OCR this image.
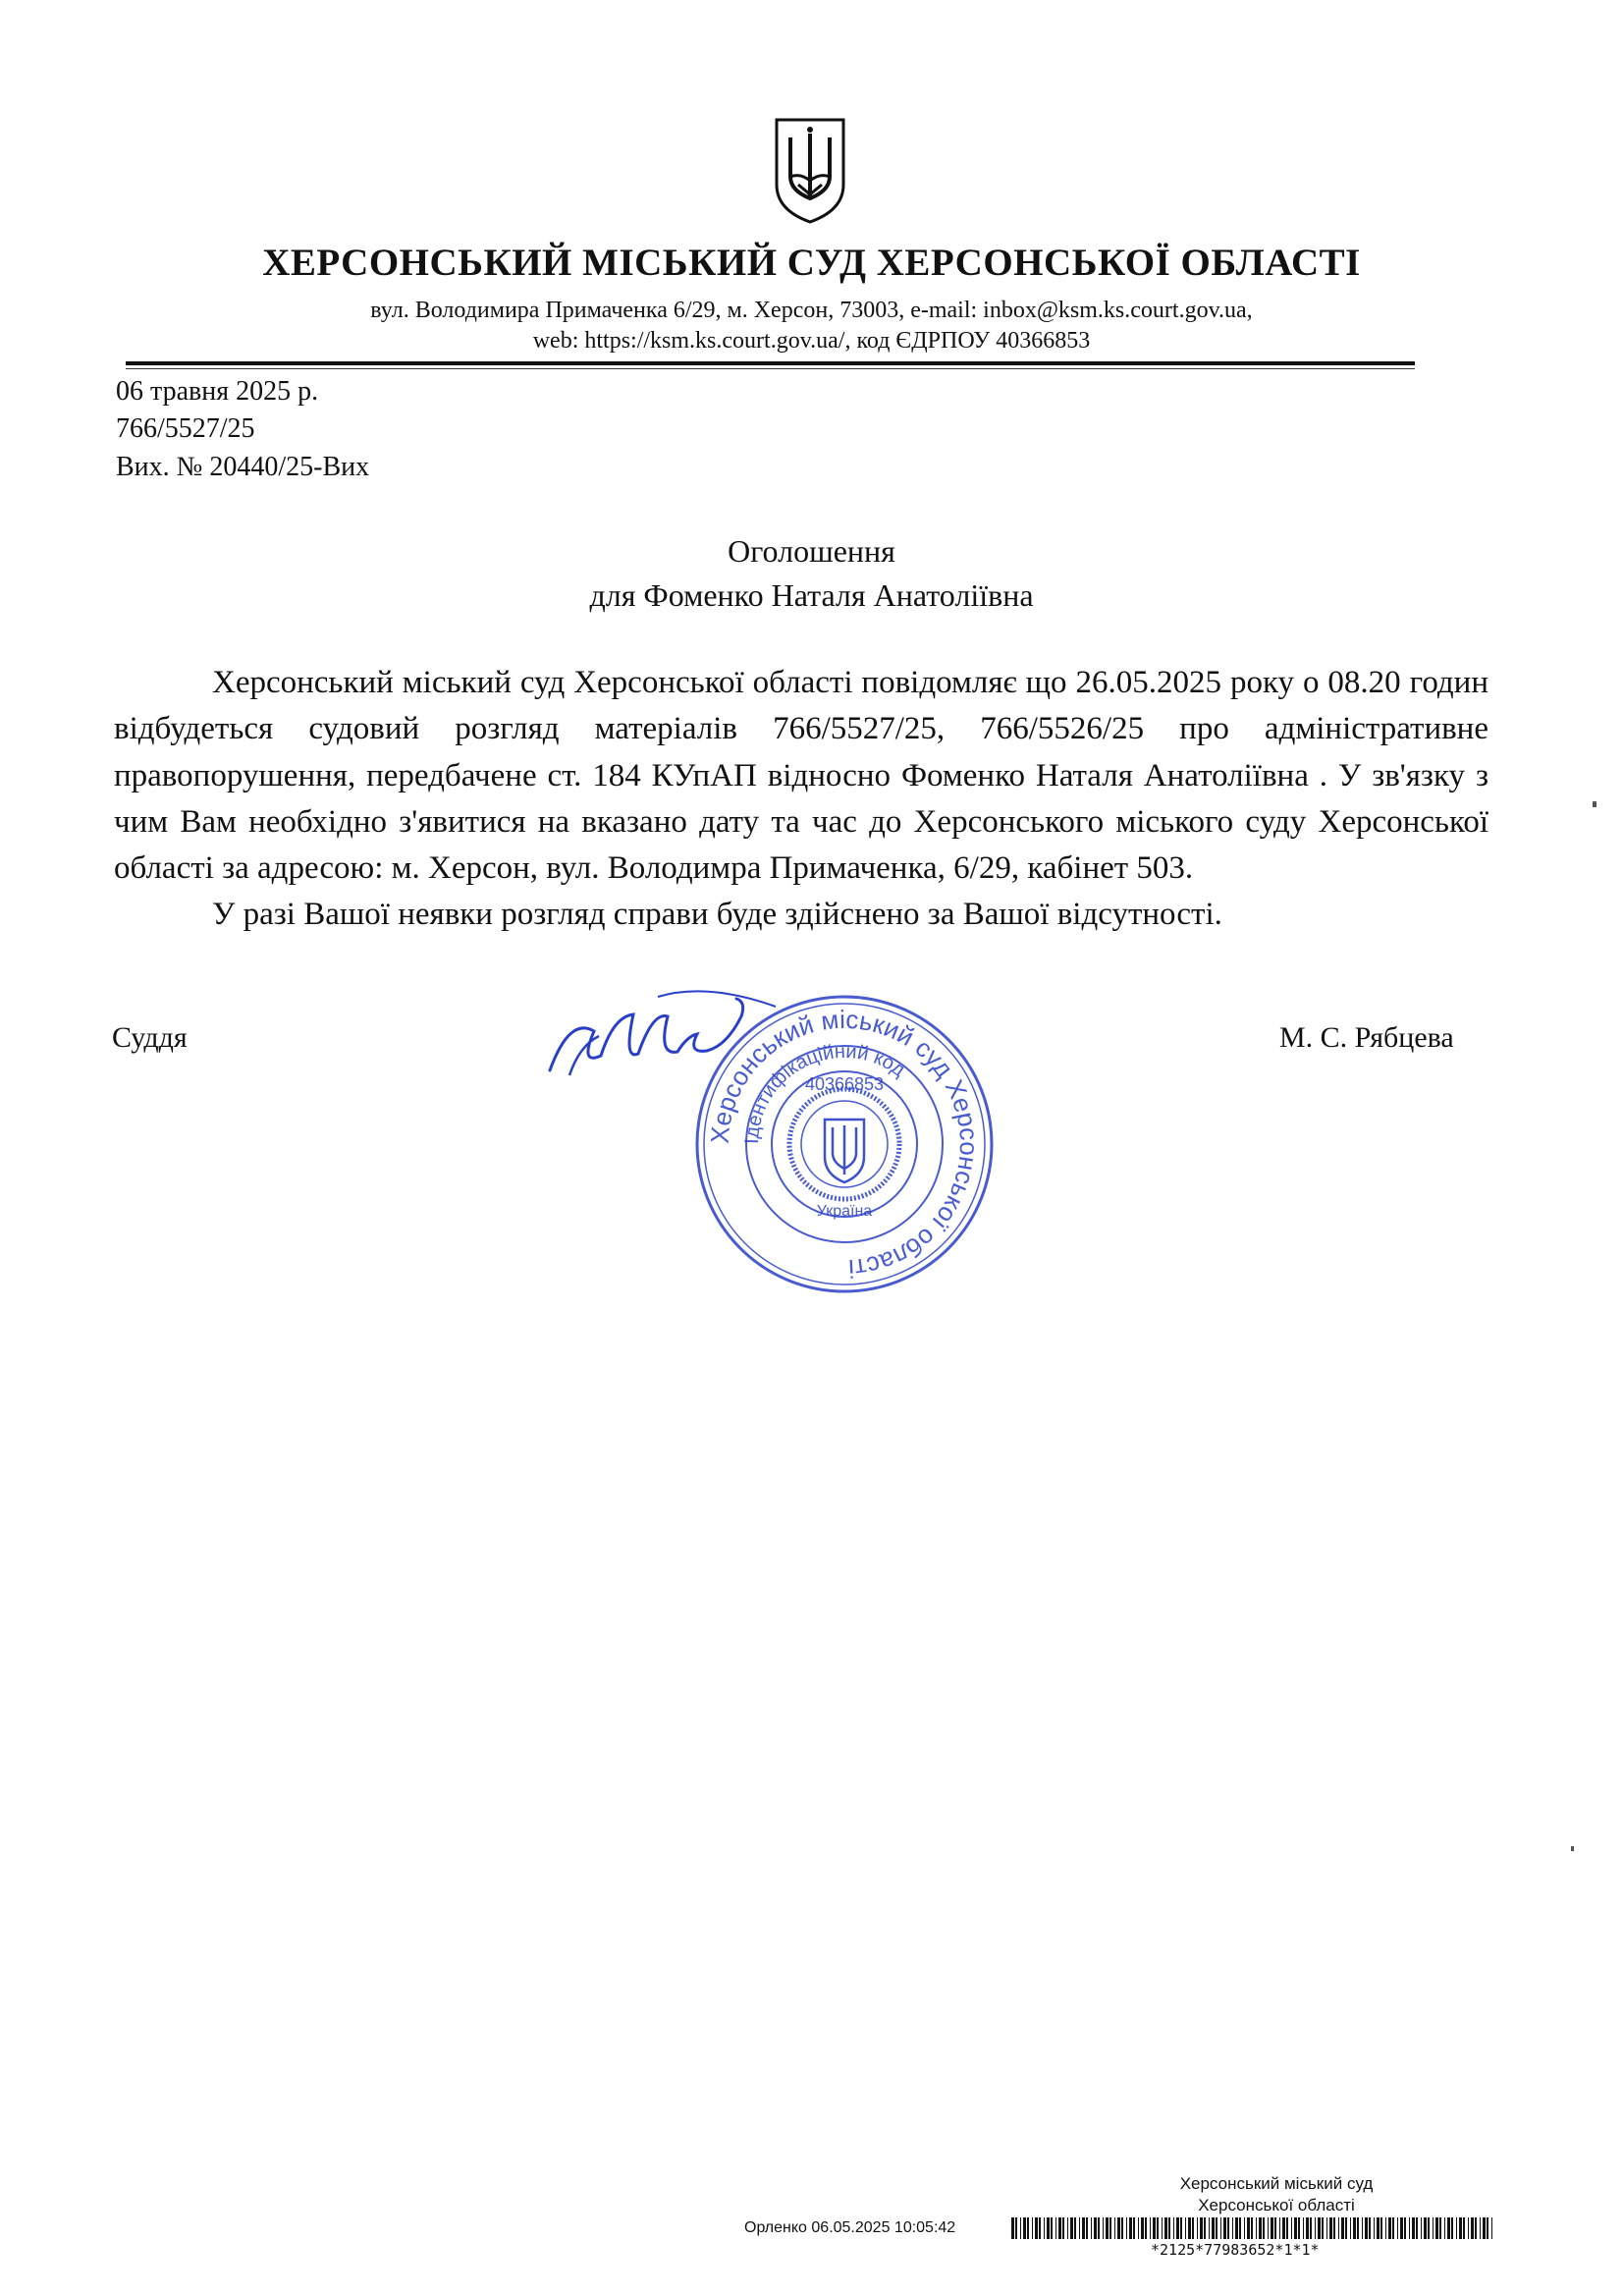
ХЕРСОНСЬКИЙ МІСЬКИЙ СУД ХЕРСОНСЬКОЇ ОБЛАСТІ
вул. Володимира Примаченка 6/29, м. Херсон, 73003, e-mail: inbox@ksm.ks.court.gov.ua,
web: https://ksm.ks.court.gov.ua/, код ЄДРПОУ 40366853
06 травня 2025 р.
766/5527/25
Вих. № 20440/25-Вих
Оголошення
для Фоменко Наталя Анатоліївна

Херсонський міський суд Херсонської області повідомляє що 26.05.2025 року о 08.20 годин відбудеться судовий розгляд матеріалів 766/5527/25, 766/5526/25 про адміністративне правопорушення, передбачене ст. 184 КУпАП відносно Фоменко Наталя Анатоліївна . У зв'язку з чим Вам необхідно з'явитися на вказано дату та час до Херсонського міського суду Херсонської області за адресою: м. Херсон, вул. Володимра Примаченка, 6/29, кабінет 503.

У разі Вашої неявки розгляд справи буде здійснено за Вашої відсутності.

Суддя	М. С. Рябцева
Херсонський міський суд Херсонської області
Ідентифікаційний код
40366853
Україна
Херсонський міський суд
Херсонської області
Орленко 06.05.2025 10:05:42
*2125*77983652*1*1*
